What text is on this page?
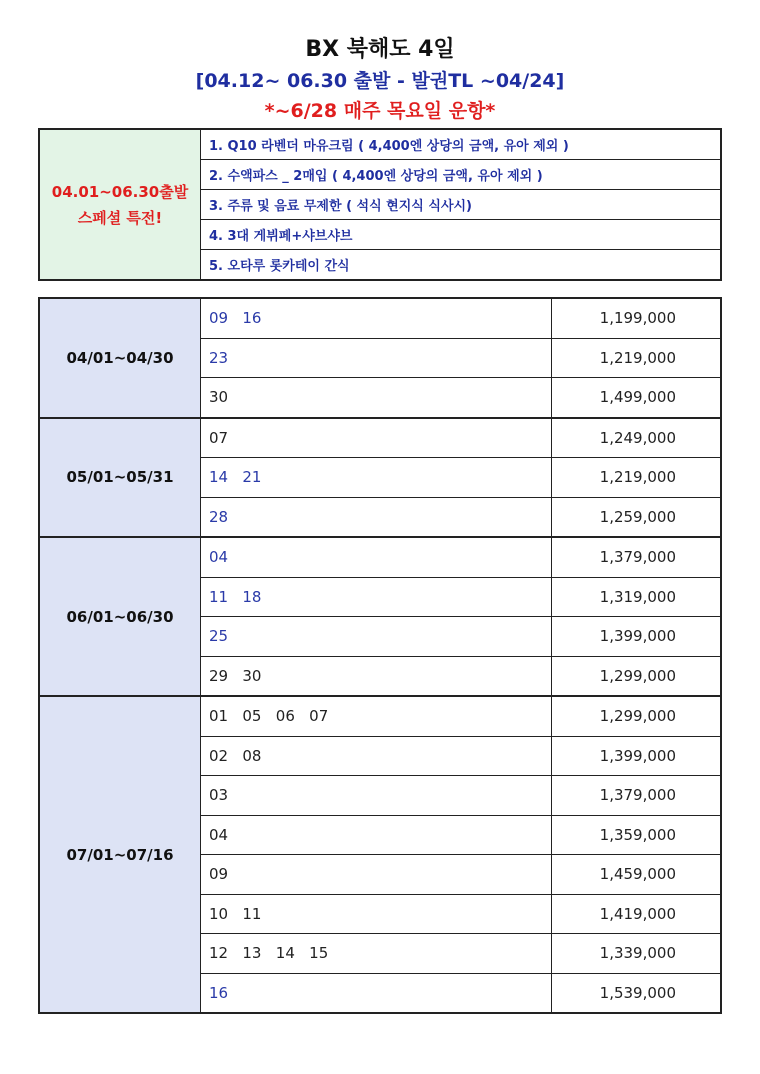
BX 북해도 4일
[04.12~ 06.30 출발 - 발권TL ~04/24]
*~6/28 매주 목요일 운항*
04.01~06.30출발
스페셜 특전!
	1. Q10 라벤더 마유크림 ( 4,400엔 상당의 금액, 유아 제외 )
2. 수액파스 _ 2매입 ( 4,400엔 상당의 금액, 유아 제외 )
3. 주류 및 음료 무제한 ( 석식 현지식 식사시)
4. 3대 게뷔페+샤브샤브
5. 오타루 롯카테이 간식
04/01~04/30	09   16	1,199,000
	23	1,219,000
	30	1,499,000
05/01~05/31	07	1,249,000
	14   21	1,219,000
	28	1,259,000
06/01~06/30	04	1,379,000
	11   18	1,319,000
	25	1,399,000
	29   30	1,299,000
07/01~07/16	01   05   06   07	1,299,000
	02   08	1,399,000
	03	1,379,000
	04	1,359,000
	09	1,459,000
	10   11	1,419,000
	12   13   14   15	1,339,000
	16	1,539,000
